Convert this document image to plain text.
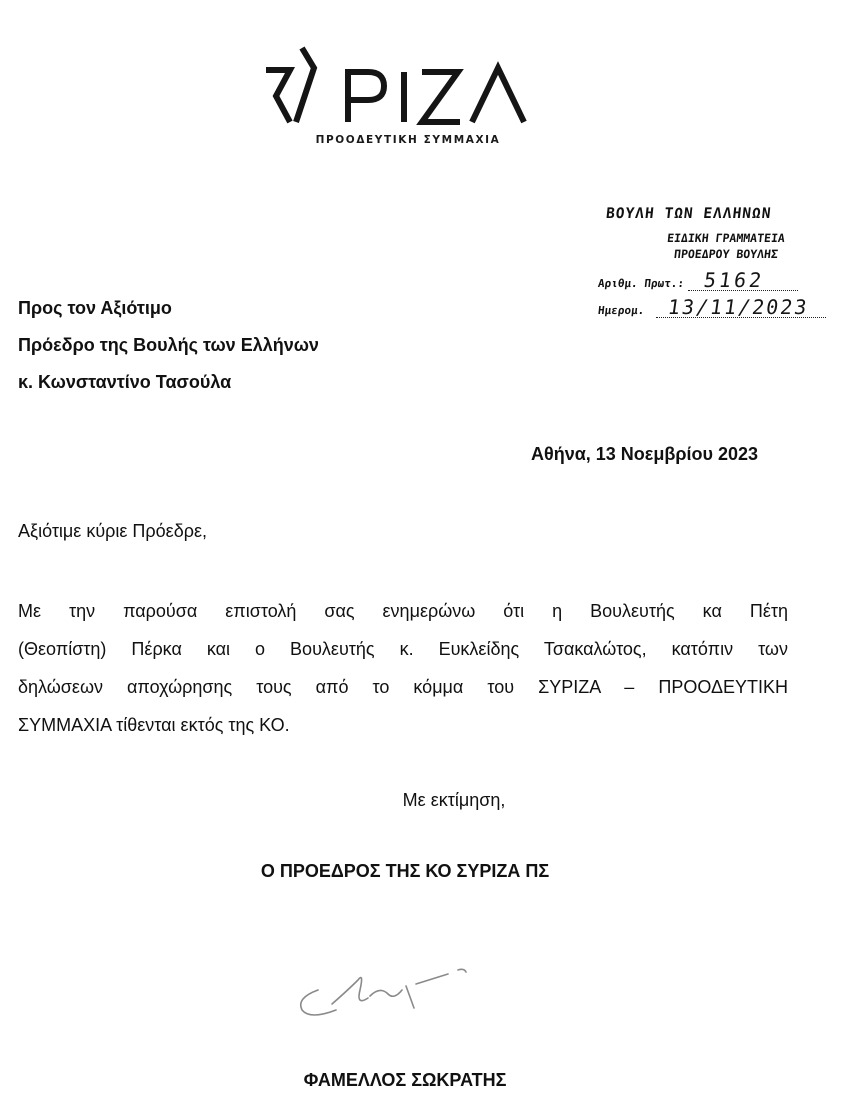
ΠΡΟΟΔΕΥΤΙΚΗ ΣΥΜΜΑΧΙΑ
ΒΟΥΛΗ ΤΩΝ ΕΛΛΗΝΩΝ
ΕΙΔΙΚΗ ΓΡΑΜΜΑΤΕΙΑ
ΠΡΟΕΔΡΟΥ ΒΟΥΛΗΣ
Αριθμ. Πρωτ.: 5162
Ημερομ. 13/11/2023
Προς τον Αξιότιμο
Πρόεδρο της Βουλής των Ελλήνων
κ. Κωνσταντίνο Τασούλα
Αθήνα, 13 Νοεμβρίου 2023
Αξιότιμε κύριε Πρόεδρε,
Με την παρούσα επιστολή σας ενημερώνω ότι η Βουλευτής κα Πέτη
(Θεοπίστη) Πέρκα και ο Βουλευτής κ. Ευκλείδης Τσακαλώτος, κατόπιν των
δηλώσεων αποχώρησης τους από το κόμμα του ΣΥΡΙΖΑ – ΠΡΟΟΔΕΥΤΙΚΗ
ΣΥΜΜΑΧΙΑ τίθενται εκτός της ΚΟ.
Με εκτίμηση,
Ο ΠΡΟΕΔΡΟΣ ΤΗΣ ΚΟ ΣΥΡΙΖΑ ΠΣ
ΦΑΜΕΛΛΟΣ ΣΩΚΡΑΤΗΣ
